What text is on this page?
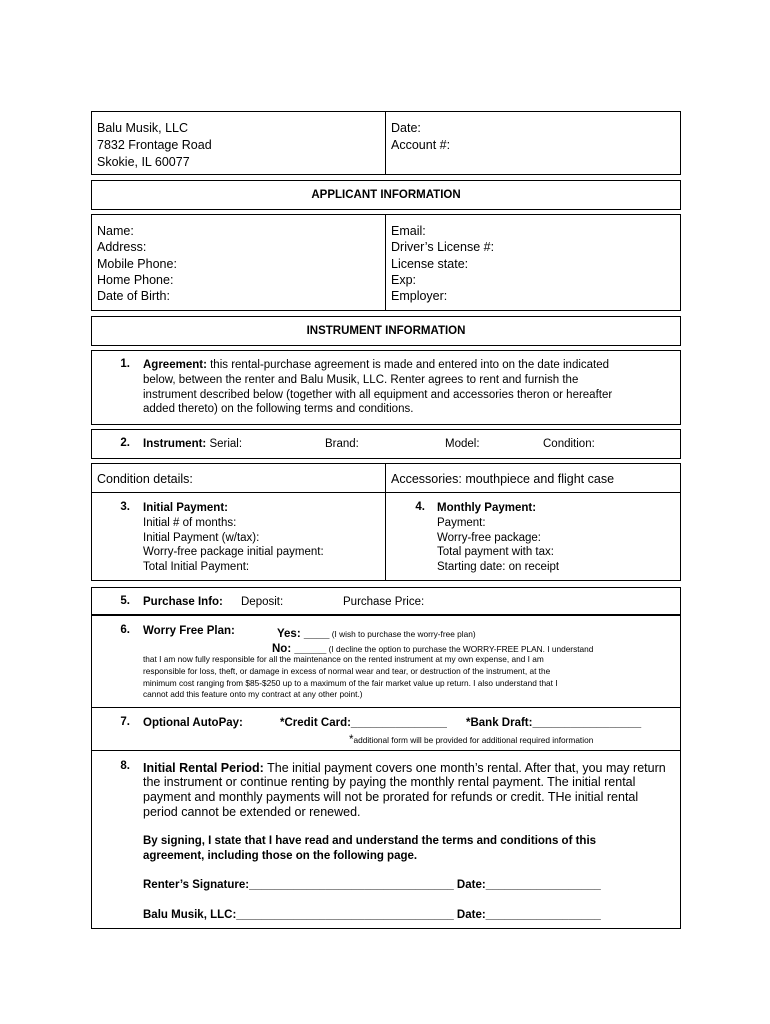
Balu Musik, LLC
7832 Frontage Road
Skokie, IL 60077
Date:
Account #:
APPLICANT INFORMATION
Name:
Address:
Mobile Phone:
Home Phone:
Date of Birth:
Email:
Driver’s License #:
License state:
Exp:
Employer:
INSTRUMENT INFORMATION
1. Agreement: this rental-purchase agreement is made and entered into on the date indicated
below, between the renter and Balu Musik, LLC. Renter agrees to rent and furnish the
instrument described below (together with all equipment and accessories theron or hereafter
added thereto) on the following terms and conditions.
2. Instrument: Serial:	Brand:	Model:	Condition:
Condition details:	Accessories: mouthpiece and flight case
3. Initial Payment:
Initial # of months:
Initial Payment (w/tax):
Worry-free package initial payment:
Total Initial Payment:
4. Monthly Payment:
Payment:
Worry-free package:
Total payment with tax:
Starting date: on receipt
5. Purchase Info: Deposit:	Purchase Price:
6. Worry Free Plan:	Yes: ____ (I wish to purchase the worry-free plan)
No: _____ (I decline the option to purchase the WORRY-FREE PLAN. I understand
that I am now fully responsible for all the maintenance on the rented instrument at my own expense, and I am
responsible for loss, theft, or damage in excess of normal wear and tear, or destruction of the instrument, at the
minimum cost ranging from $85-$250 up to a maximum of the fair market value up return. I also understand that I
cannot add this feature onto my contract at any other point.)
7. Optional AutoPay:	*Credit Card:_______________ *Bank Draft:_________________
*additional form will be provided for additional required information
8. Initial Rental Period: The initial payment covers one month’s rental. After that, you may return
the instrument or continue renting by paying the monthly rental payment. The initial rental
payment and monthly payments will not be prorated for refunds or credit. THe initial rental
period cannot be extended or renewed.
By signing, I state that I have read and understand the terms and conditions of this
agreement, including those on the following page.
Renter’s Signature:________________________________ Date:__________________
Balu Musik, LLC:__________________________________ Date:__________________
